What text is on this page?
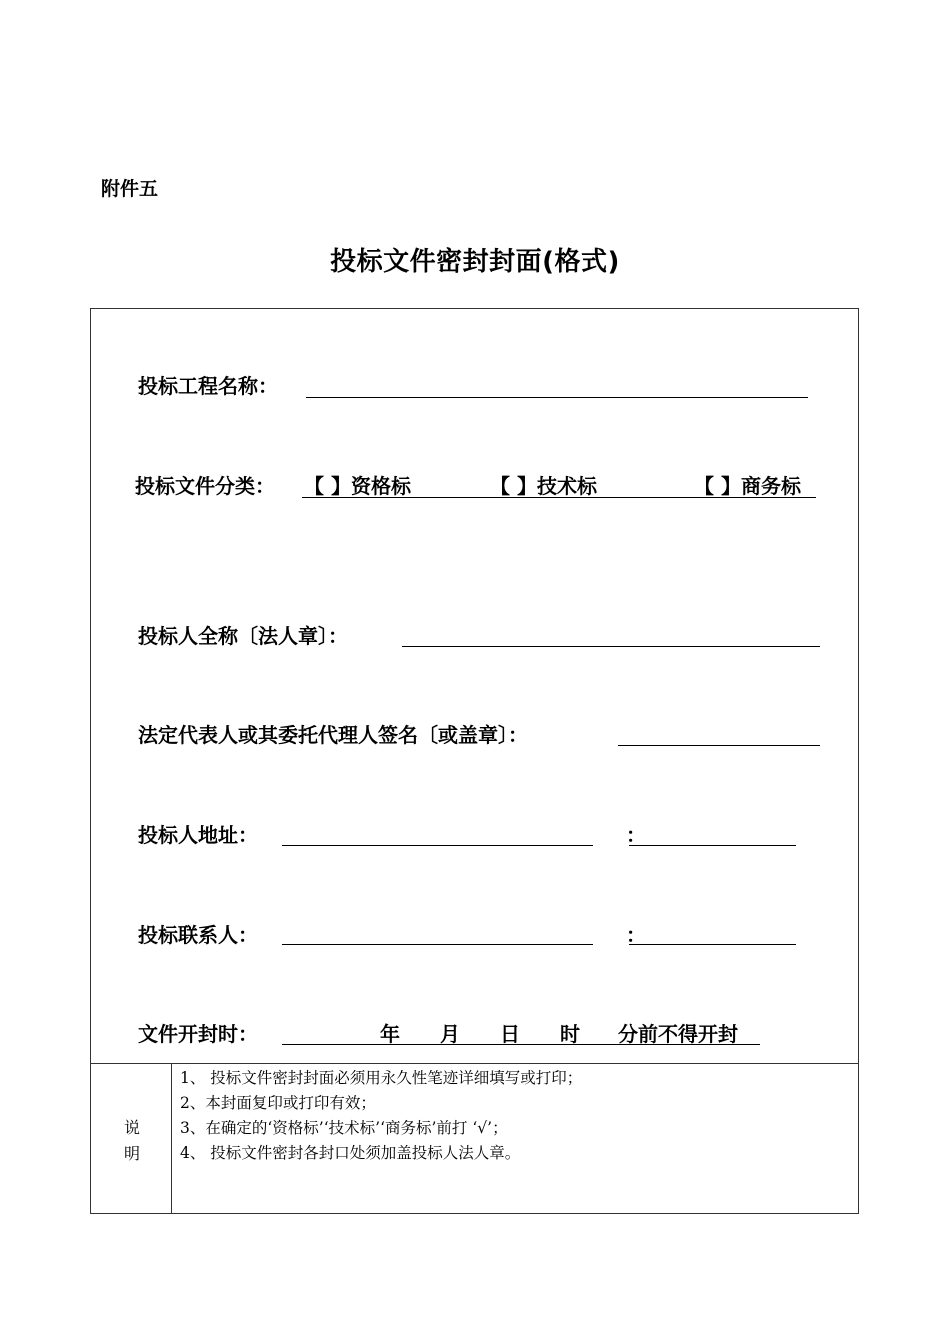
附件五
投标文件密封封面(格式)
投标工程名称：
投标文件分类： 【 】资格标	【 】技术标	【 】商务标
投标人全称〔法人章〕：
法定代表人或其委托代理人签名〔或盖章〕：
投标人地址：	：
投标联系人：	：
文件开封时：	年 月 日 时 分前不得开封
说
明
1、 投标文件密封封面必须用永久性笔迹详细填写或打印；
2、本封面复印或打印有效；
3、在确定的‘资格标’‘技术标’‘商务标’前打 ‘√’；
4、 投标文件密封各封口处须加盖投标人法人章。
